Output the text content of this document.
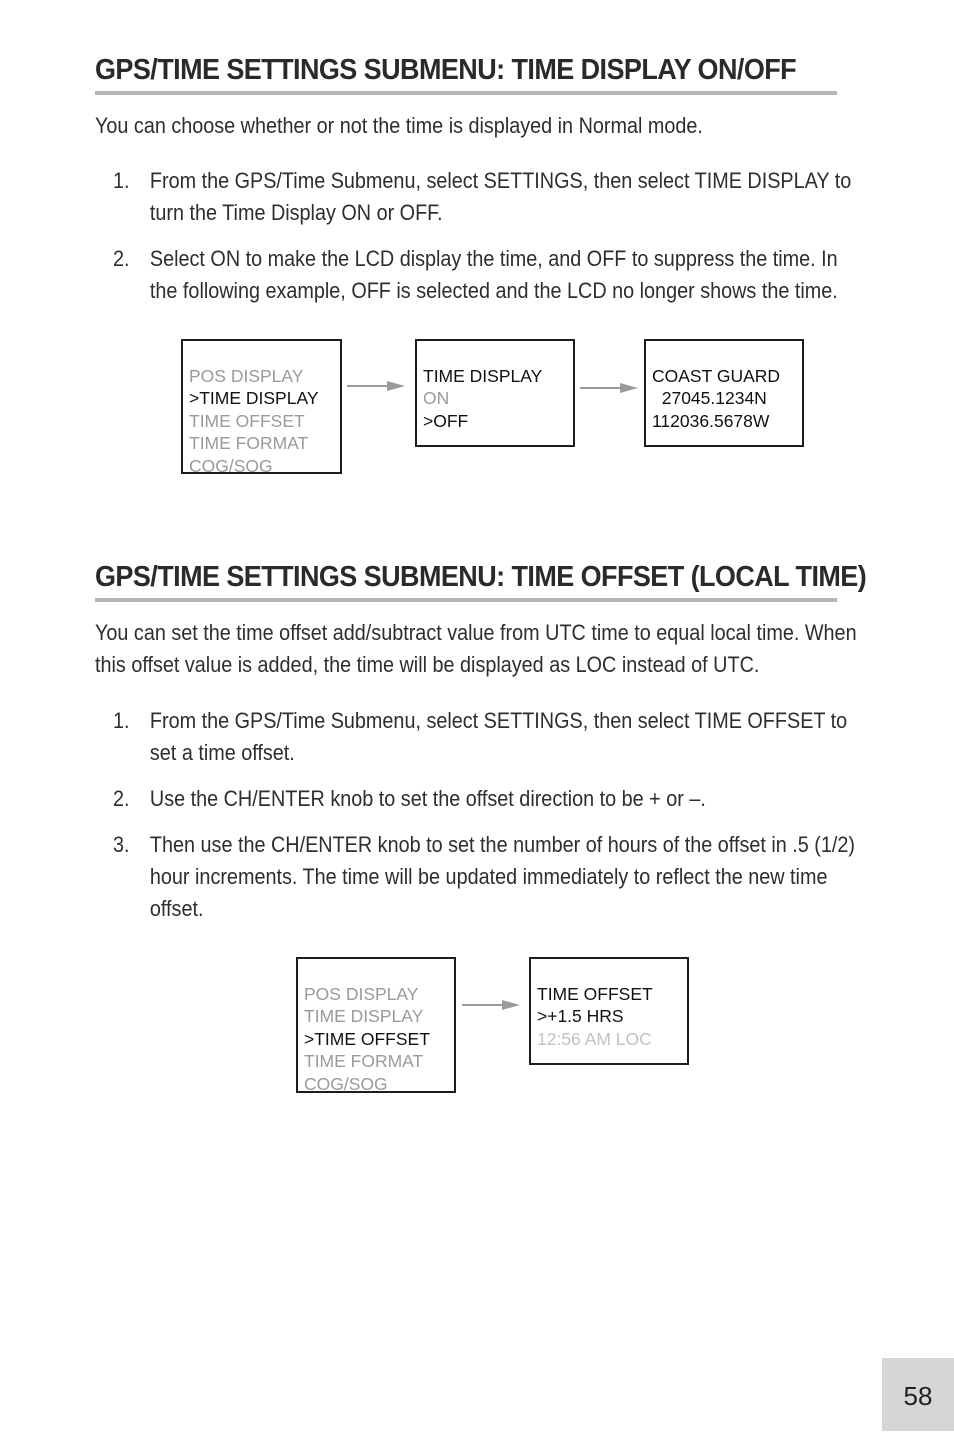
GPS/TIME SETTINGS SUBMENU: TIME DISPLAY ON/OFF
You can choose whether or not the time is displayed in Normal mode.
1. From the GPS/Time Submenu, select SETTINGS, then select TIME DISPLAY to turn the Time Display ON or OFF.
2. Select ON to make the LCD display the time, and OFF to suppress the time. In the following example, OFF is selected and the LCD no longer shows the time.

POS DISPLAY
>TIME DISPLAY
TIME OFFSET
TIME FORMAT
COG/SOG

TIME DISPLAY
ON
>OFF

COAST GUARD
27045.1234N
112036.5678W

GPS/TIME SETTINGS SUBMENU: TIME OFFSET (LOCAL TIME)
You can set the time offset add/subtract value from UTC time to equal local time. When this offset value is added, the time will be displayed as LOC instead of UTC.
1. From the GPS/Time Submenu, select SETTINGS, then select TIME OFFSET to set a time offset.
2. Use the CH/ENTER knob to set the offset direction to be + or –.
3. Then use the CH/ENTER knob to set the number of hours of the offset in .5 (1/2) hour increments. The time will be updated immediately to reflect the new time offset.

POS DISPLAY
TIME DISPLAY
>TIME OFFSET
TIME FORMAT
COG/SOG

TIME OFFSET
>+1.5 HRS
12:56 AM LOC

58
